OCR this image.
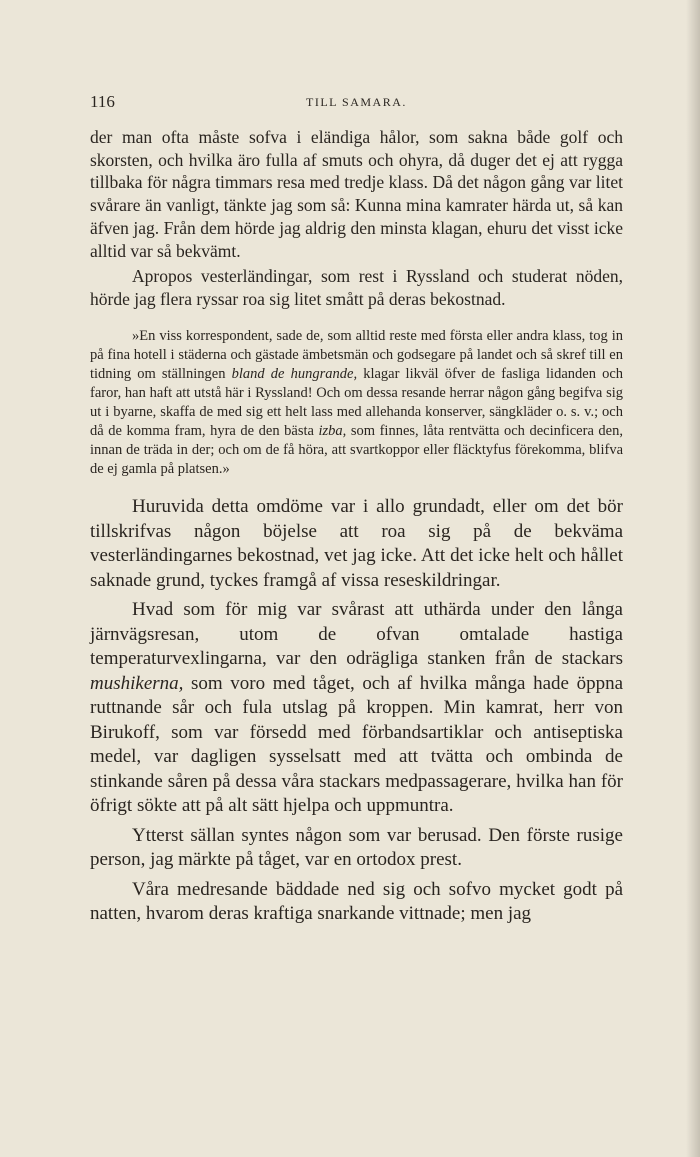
116	TILL SAMARA.

der man ofta måste sofva i eländiga hålor, som sakna både golf och skorsten, och hvilka äro fulla af smuts och ohyra, då duger det ej att rygga tillbaka för några timmars resa med tredje klass. Då det någon gång var litet svårare än vanligt, tänkte jag som så: Kunna mina kamrater härda ut, så kan äfven jag. Från dem hörde jag aldrig den minsta klagan, ehuru det visst icke alltid var så bekvämt.

Apropos vesterländingar, som rest i Ryssland och studerat nöden, hörde jag flera ryssar roa sig litet smått på deras bekostnad.

»En viss korrespondent, sade de, som alltid reste med första eller andra klass, tog in på fina hotell i städerna och gästade ämbetsmän och godsegare på landet och så skref till en tidning om ställningen bland de hungrande, klagar likväl öfver de fasliga lidanden och faror, han haft att utstå här i Ryssland! Och om dessa resande herrar någon gång begifva sig ut i byarne, skaffa de med sig ett helt lass med allehanda konserver, sängkläder o. s. v.; och då de komma fram, hyra de den bästa izba, som finnes, låta rentvätta och decinficera den, innan de träda in der; och om de få höra, att svartkoppor eller fläcktyfus förekomma, blifva de ej gamla på platsen.»

Huruvida detta omdöme var i allo grundadt, eller om det bör tillskrifvas någon böjelse att roa sig på de bekväma vesterländingarnes bekostnad, vet jag icke. Att det icke helt och hållet saknade grund, tyckes framgå af vissa reseskildringar.

Hvad som för mig var svårast att uthärda under den långa järnvägsresan, utom de ofvan omtalade hastiga temperaturvexlingarna, var den odrägliga stanken från de stackars mushikerna, som voro med tåget, och af hvilka många hade öppna ruttnande sår och fula utslag på kroppen. Min kamrat, herr von Birukoff, som var försedd med förbandsartiklar och antiseptiska medel, var dagligen sysselsatt med att tvätta och ombinda de stinkande såren på dessa våra stackars medpassagerare, hvilka han för öfrigt sökte att på alt sätt hjelpa och uppmuntra.

Ytterst sällan syntes någon som var berusad. Den förste rusige person, jag märkte på tåget, var en ortodox prest.

Våra medresande bäddade ned sig och sofvo mycket godt på natten, hvarom deras kraftiga snarkande vittnade; men jag
